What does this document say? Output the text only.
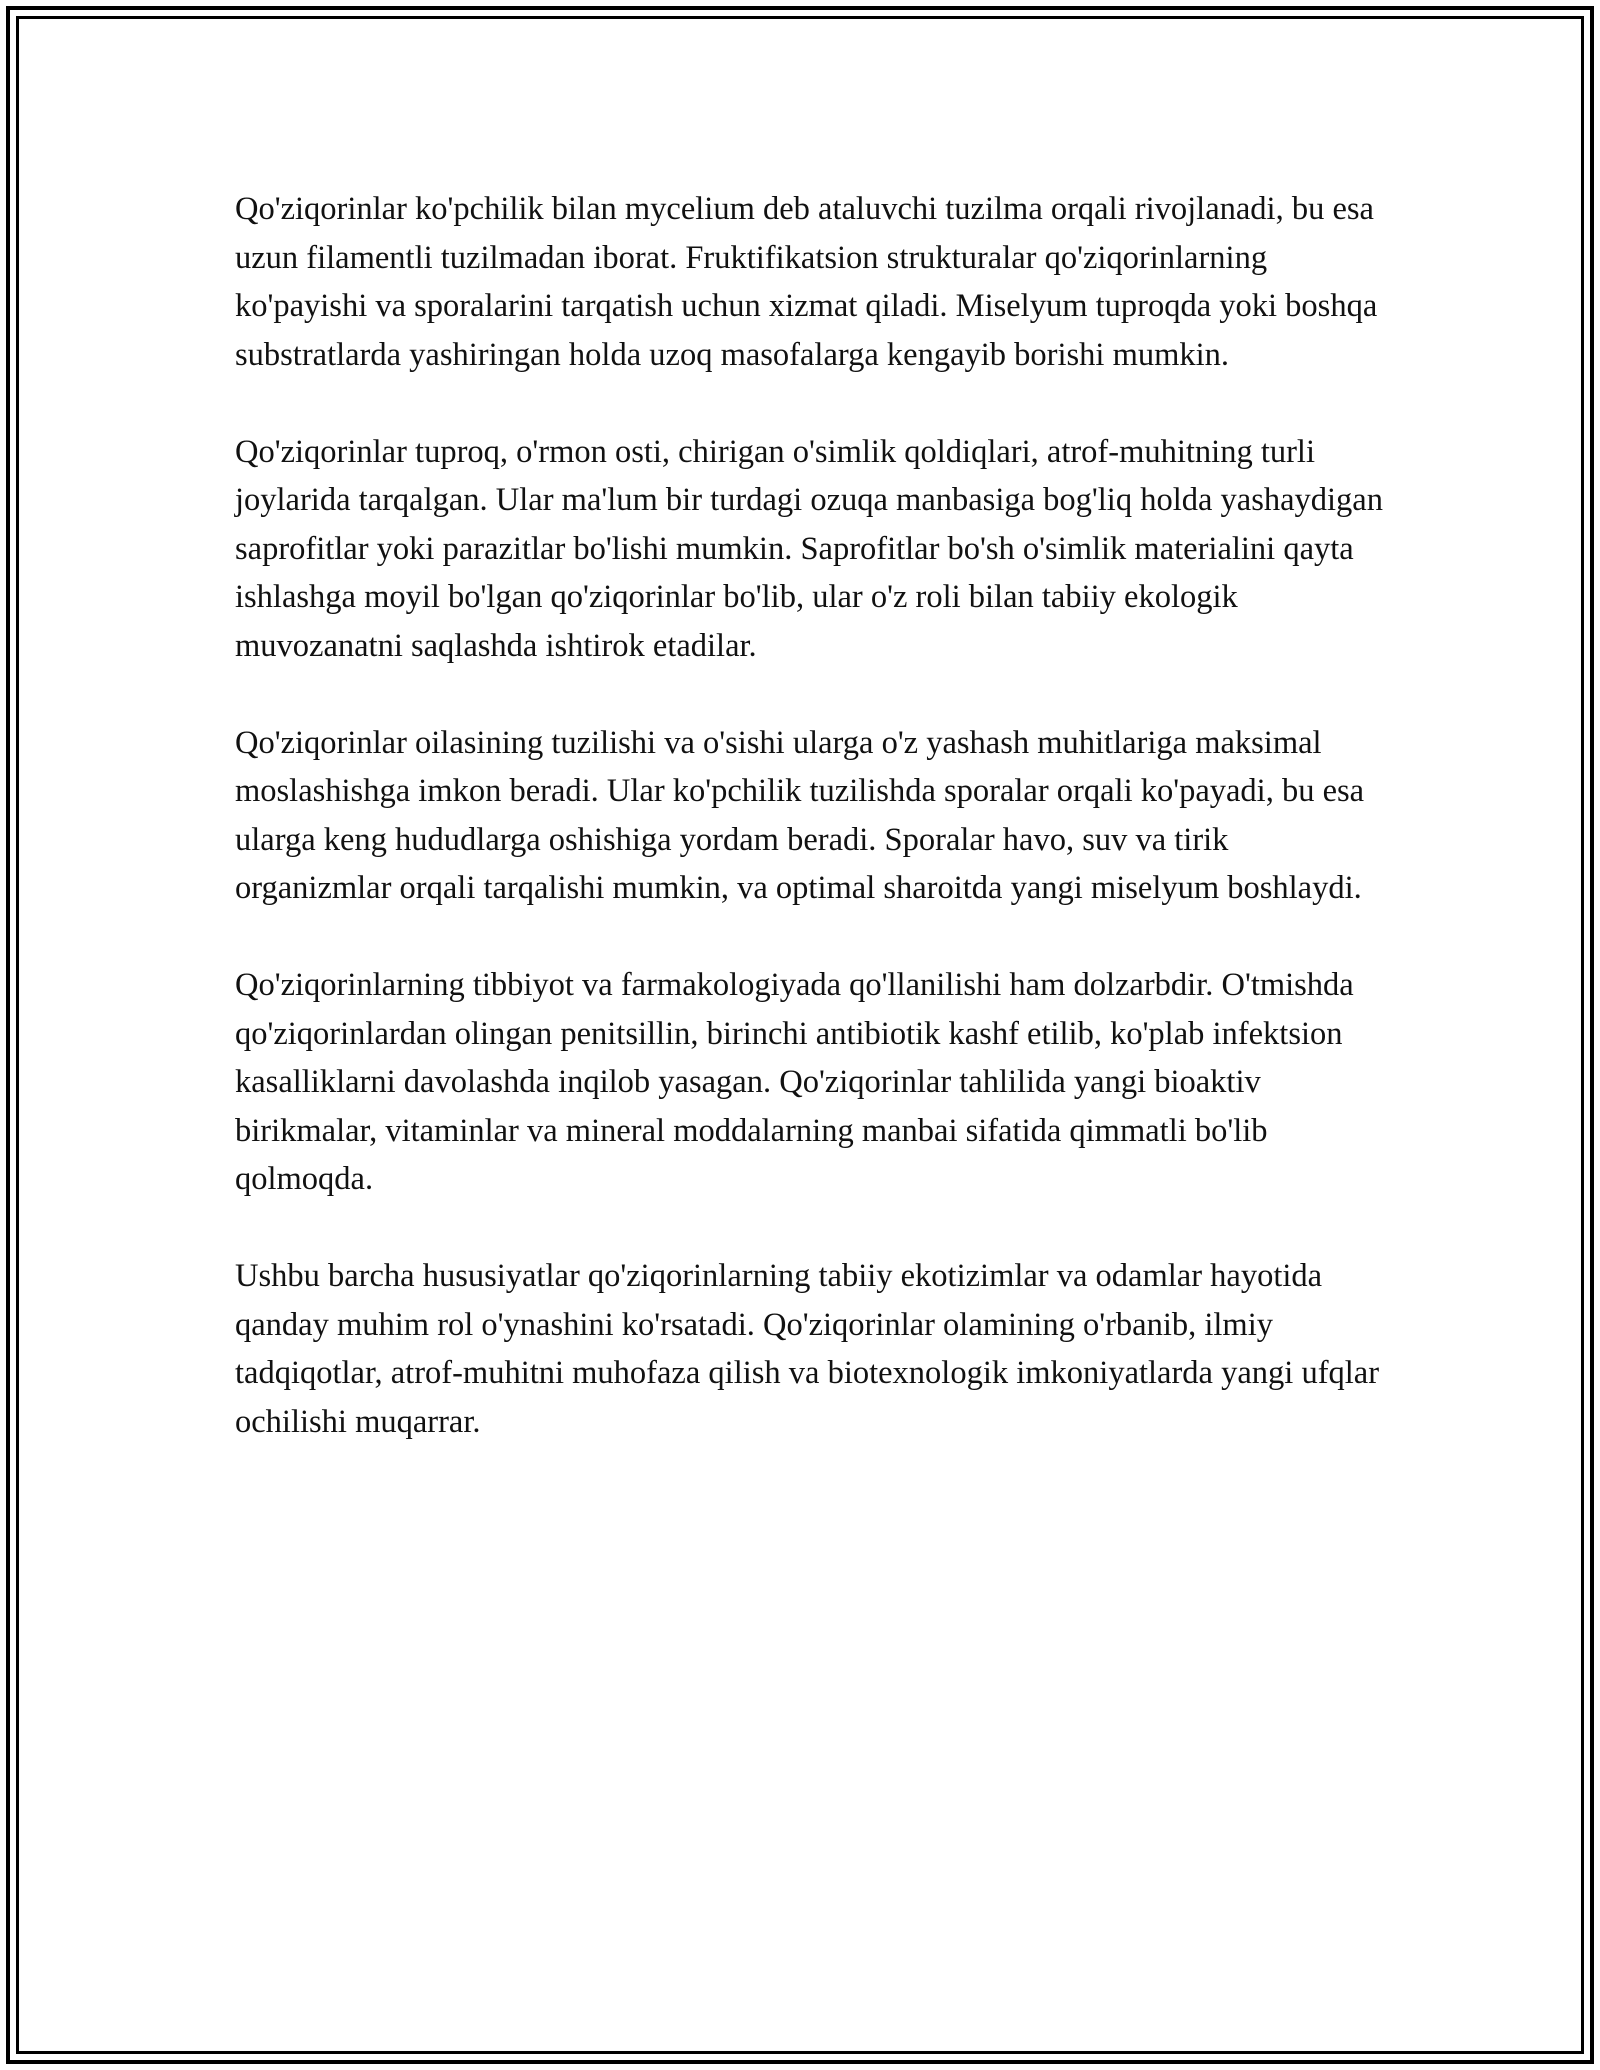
Qo'ziqorinlar ko'pchilik bilan mycelium deb ataluvchi tuzilma orqali rivojlanadi, bu esa uzun filamentli tuzilmadan iborat. Fruktifikatsion strukturalar qo'ziqorinlarning ko'payishi va sporalarini tarqatish uchun xizmat qiladi. Miselyum tuproqda yoki boshqa substratlarda yashiringan holda uzoq masofalarga kengayib borishi mumkin.

Qo'ziqorinlar tuproq, o'rmon osti, chirigan o'simlik qoldiqlari, atrof-muhitning turli joylarida tarqalgan. Ular ma'lum bir turdagi ozuqa manbasiga bog'liq holda yashaydigan saprofitlar yoki parazitlar bo'lishi mumkin. Saprofitlar bo'sh o'simlik materialini qayta ishlashga moyil bo'lgan qo'ziqorinlar bo'lib, ular o'z roli bilan tabiiy ekologik muvozanatni saqlashda ishtirok etadilar.

Qo'ziqorinlar oilasining tuzilishi va o'sishi ularga o'z yashash muhitlariga maksimal moslashishga imkon beradi. Ular ko'pchilik tuzilishda sporalar orqali ko'payadi, bu esa ularga keng hududlarga oshishiga yordam beradi. Sporalar havo, suv va tirik organizmlar orqali tarqalishi mumkin, va optimal sharoitda yangi miselyum boshlaydi.

Qo'ziqorinlarning tibbiyot va farmakologiyada qo'llanilishi ham dolzarbdir. O'tmishda qo'ziqorinlardan olingan penitsillin, birinchi antibiotik kashf etilib, ko'plab infektsion kasalliklarni davolashda inqilob yasagan. Qo'ziqorinlar tahlilida yangi bioaktiv birikmalar, vitaminlar va mineral moddalarning manbai sifatida qimmatli bo'lib qolmoqda.

Ushbu barcha hususiyatlar qo'ziqorinlarning tabiiy ekotizimlar va odamlar hayotida qanday muhim rol o'ynashini ko'rsatadi. Qo'ziqorinlar olamining o'rbanib, ilmiy tadqiqotlar, atrof-muhitni muhofaza qilish va biotexnologik imkoniyatlarda yangi ufqlar ochilishi muqarrar.
